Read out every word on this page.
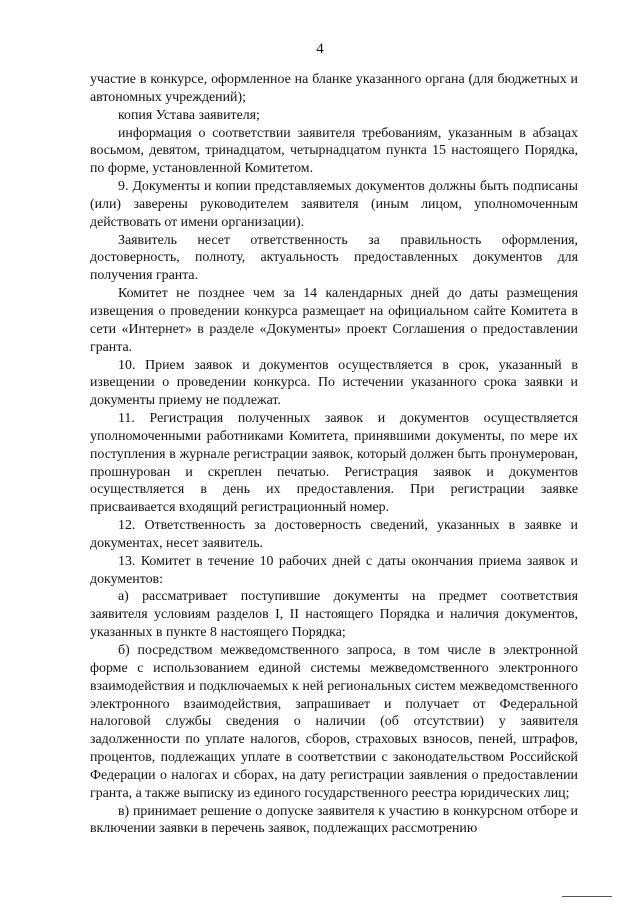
4

участие в конкурсе, оформленное на бланке указанного органа (для бюджетных и автономных учреждений);

копия Устава заявителя;

информация о соответствии заявителя требованиям, указанным в абзацах восьмом, девятом, тринадцатом, четырнадцатом пункта 15 настоящего Порядка, по форме, установленной Комитетом.

9. Документы и копии представляемых документов должны быть подписаны (или) заверены руководителем заявителя (иным лицом, уполномоченным действовать от имени организации).

Заявитель несет ответственность за правильность оформления, достоверность, полноту, актуальность предоставленных документов для получения гранта.

Комитет не позднее чем за 14 календарных дней до даты размещения извещения о проведении конкурса размещает на официальном сайте Комитета в сети «Интернет» в разделе «Документы» проект Соглашения о предоставлении гранта.

10. Прием заявок и документов осуществляется в срок, указанный в извещении о проведении конкурса. По истечении указанного срока заявки и документы приему не подлежат.

11. Регистрация полученных заявок и документов осуществляется уполномоченными работниками Комитета, принявшими документы, по мере их поступления в журнале регистрации заявок, который должен быть пронумерован, прошнурован и скреплен печатью. Регистрация заявок и документов осуществляется в день их предоставления. При регистрации заявке присваивается входящий регистрационный номер.

12. Ответственность за достоверность сведений, указанных в заявке и документах, несет заявитель.

13. Комитет в течение 10 рабочих дней с даты окончания приема заявок и документов:

а) рассматривает поступившие документы на предмет соответствия заявителя условиям разделов I, II настоящего Порядка и наличия документов, указанных в пункте 8 настоящего Порядка;

б) посредством межведомственного запроса, в том числе в электронной форме с использованием единой системы межведомственного электронного взаимодействия и подключаемых к ней региональных систем межведомственного электронного взаимодействия, запрашивает и получает от Федеральной налоговой службы сведения о наличии (об отсутствии) у заявителя задолженности по уплате налогов, сборов, страховых взносов, пеней, штрафов, процентов, подлежащих уплате в соответствии с законодательством Российской Федерации о налогах и сборах, на дату регистрации заявления о предоставлении гранта, а также выписку из единого государственного реестра юридических лиц;

в) принимает решение о допуске заявителя к участию в конкурсном отборе и включении заявки в перечень заявок, подлежащих рассмотрению
